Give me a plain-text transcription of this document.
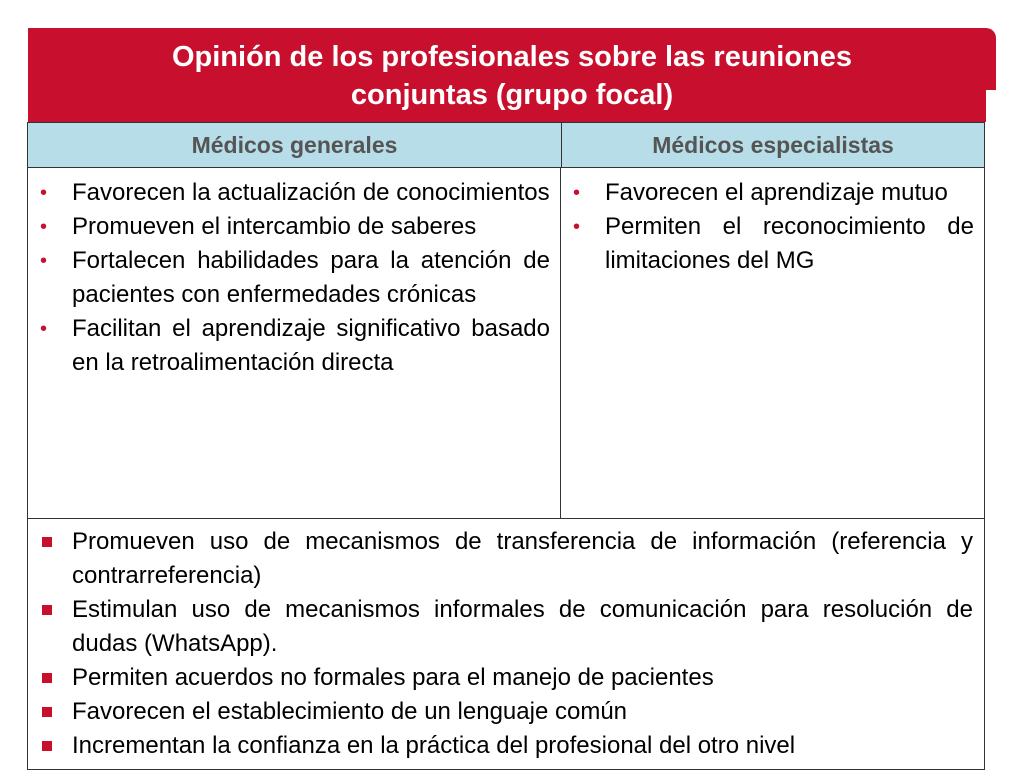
Opinión de los profesionales sobre las reuniones
conjuntas (grupo focal)
Médicos generales	Médicos especialistas
• Favorecen la actualización de conocimientos
• Promueven el intercambio de saberes
• Fortalecen habilidades para la atención de pacientes con enfermedades crónicas
• Facilitan el aprendizaje significativo basado en la retroalimentación directa
• Favorecen el aprendizaje mutuo
• Permiten el reconocimiento de limitaciones del MG
Promueven uso de mecanismos de transferencia de información (referencia y contrarreferencia)
Estimulan uso de mecanismos informales de comunicación para resolución de dudas (WhatsApp).
Permiten acuerdos no formales para el manejo de pacientes
Favorecen el establecimiento de un lenguaje común
Incrementan la confianza en la práctica del profesional del otro nivel
